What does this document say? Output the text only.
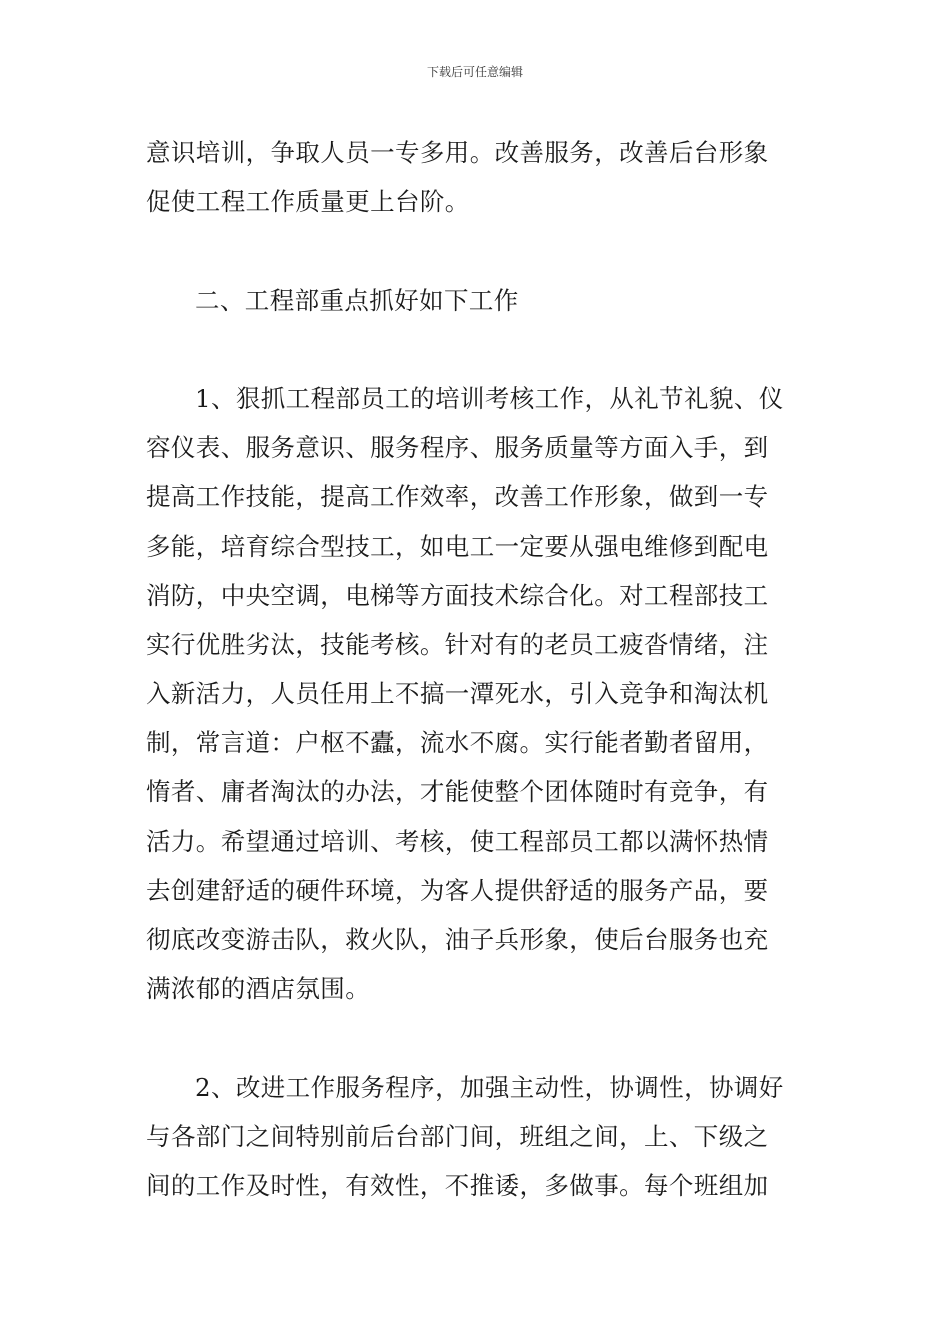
下载后可任意编辑
意识培训，争取人员一专多用。改善服务，改善后台形象
促使工程工作质量更上台阶。
二、工程部重点抓好如下工作
1、狠抓工程部员工的培训考核工作，从礼节礼貌、仪
容仪表、服务意识、服务程序、服务质量等方面入手，到
提高工作技能，提高工作效率，改善工作形象，做到一专
多能，培育综合型技工，如电工一定要从强电维修到配电
消防，中央空调，电梯等方面技术综合化。对工程部技工
实行优胜劣汰，技能考核。针对有的老员工疲沓情绪，注
入新活力，人员任用上不搞一潭死水，引入竞争和淘汰机
制，常言道：户枢不蠹，流水不腐。实行能者勤者留用，
惰者、庸者淘汰的办法，才能使整个团体随时有竞争，有
活力。希望通过培训、考核，使工程部员工都以满怀热情
去创建舒适的硬件环境，为客人提供舒适的服务产品，要
彻底改变游击队，救火队，油子兵形象，使后台服务也充
满浓郁的酒店氛围。
2、改进工作服务程序，加强主动性，协调性，协调好
与各部门之间特别前后台部门间，班组之间，上、下级之
间的工作及时性，有效性，不推诿，多做事。每个班组加
